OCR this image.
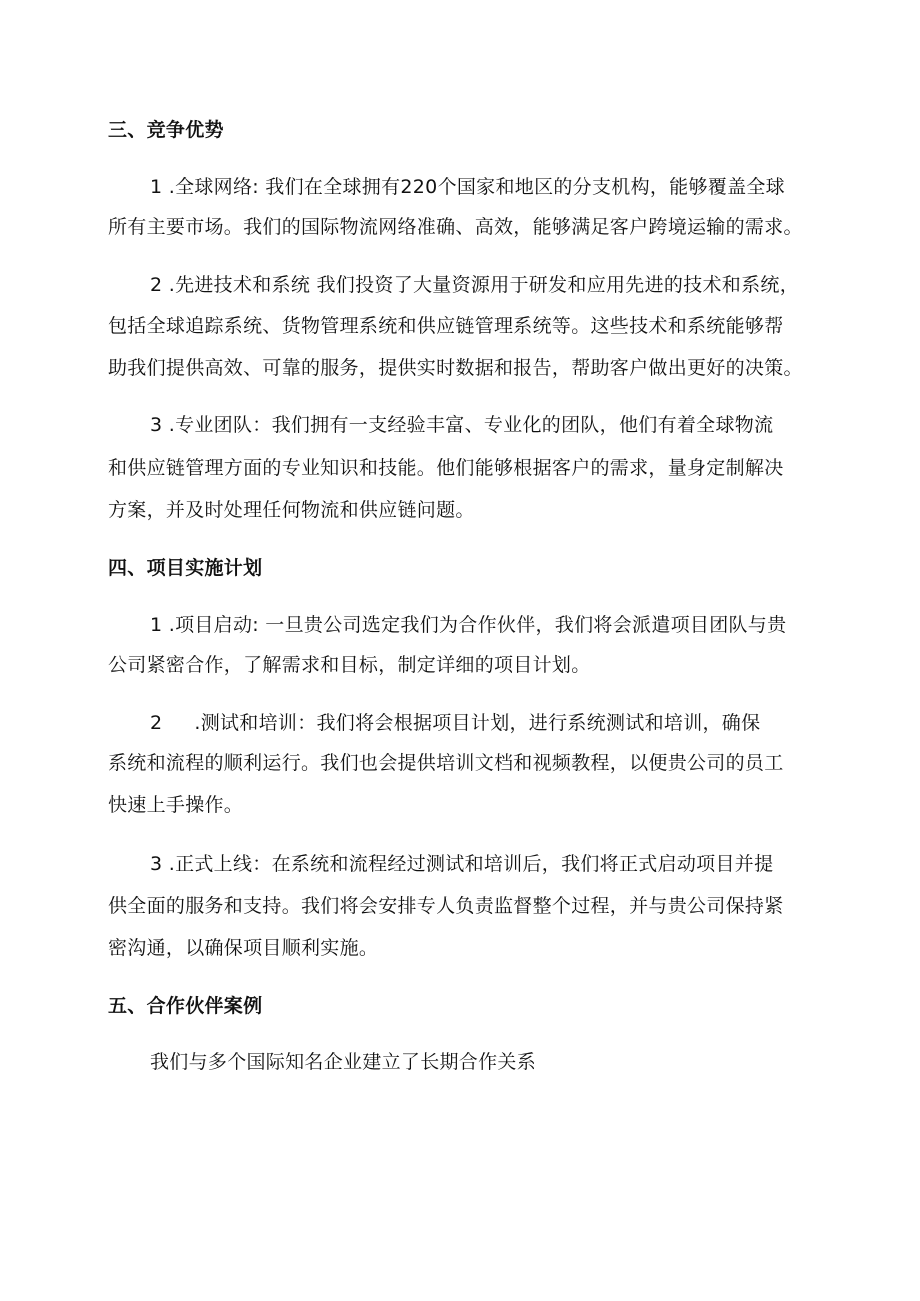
三、竞争优势
1 .全球网络: 我们在全球拥有220个国家和地区的分支机构，能够覆盖全球
所有主要市场。我们的国际物流网络准确、高效，能够满足客户跨境运输的需求。
2 .先进技术和系统 我们投资了大量资源用于研发和应用先进的技术和系统，
包括全球追踪系统、货物管理系统和供应链管理系统等。这些技术和系统能够帮
助我们提供高效、可靠的服务，提供实时数据和报告，帮助客户做出更好的决策。
3 .专业团队：我们拥有一支经验丰富、专业化的团队，他们有着全球物流
和供应链管理方面的专业知识和技能。他们能够根据客户的需求，量身定制解决
方案，并及时处理任何物流和供应链问题。
四、项目实施计划
1 .项目启动: 一旦贵公司选定我们为合作伙伴，我们将会派遣项目团队与贵
公司紧密合作，了解需求和目标，制定详细的项目计划。
2 　 .测试和培训：我们将会根据项目计划，进行系统测试和培训，确保
系统和流程的顺利运行。我们也会提供培训文档和视频教程，以便贵公司的员工
快速上手操作。
3 .正式上线：在系统和流程经过测试和培训后，我们将正式启动项目并提
供全面的服务和支持。我们将会安排专人负责监督整个过程，并与贵公司保持紧
密沟通，以确保项目顺利实施。
五、合作伙伴案例
我们与多个国际知名企业建立了长期合作关系
